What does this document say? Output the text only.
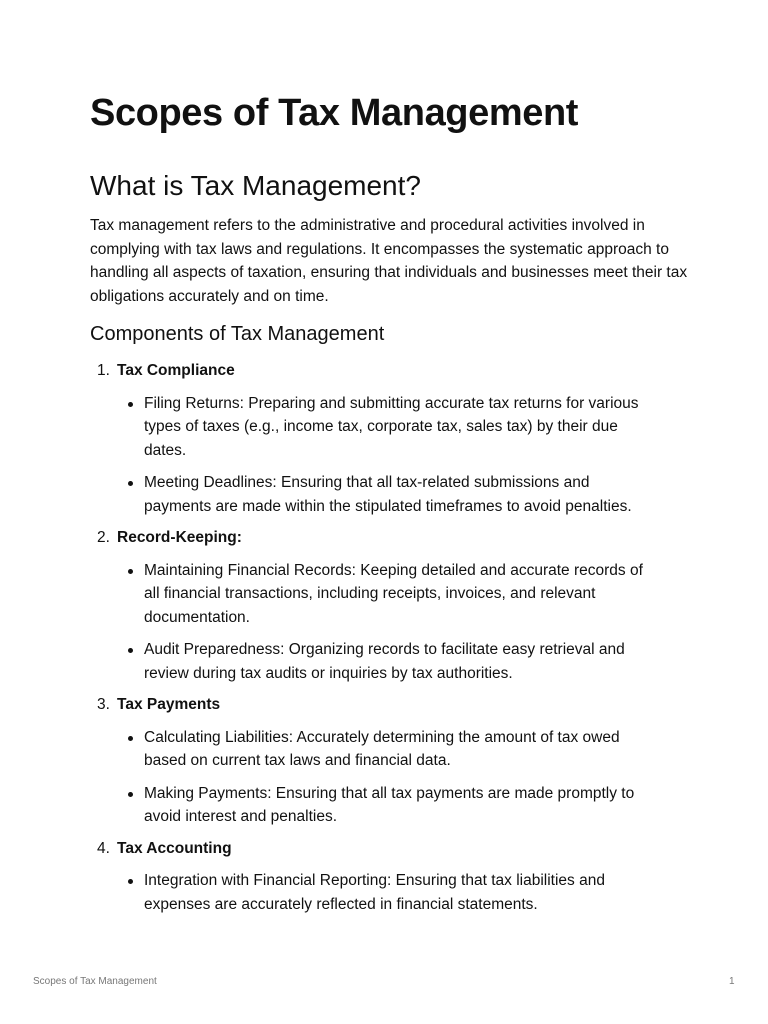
Scopes of Tax Management
What is Tax Management?

Tax management refers to the administrative and procedural activities involved in complying with tax laws and regulations. It encompasses the systematic approach to handling all aspects of taxation, ensuring that individuals and businesses meet their tax obligations accurately and on time.

Components of Tax Management
1. Tax Compliance
Filing Returns: Preparing and submitting accurate tax returns for various types of taxes (e.g., income tax, corporate tax, sales tax) by their due dates.
Meeting Deadlines: Ensuring that all tax-related submissions and payments are made within the stipulated timeframes to avoid penalties.
2. Record-Keeping:
Maintaining Financial Records: Keeping detailed and accurate records of all financial transactions, including receipts, invoices, and relevant documentation.
Audit Preparedness: Organizing records to facilitate easy retrieval and review during tax audits or inquiries by tax authorities.
3. Tax Payments
Calculating Liabilities: Accurately determining the amount of tax owed based on current tax laws and financial data.
Making Payments: Ensuring that all tax payments are made promptly to avoid interest and penalties.
4. Tax Accounting
Integration with Financial Reporting: Ensuring that tax liabilities and expenses are accurately reflected in financial statements.
Scopes of Tax Management	1
